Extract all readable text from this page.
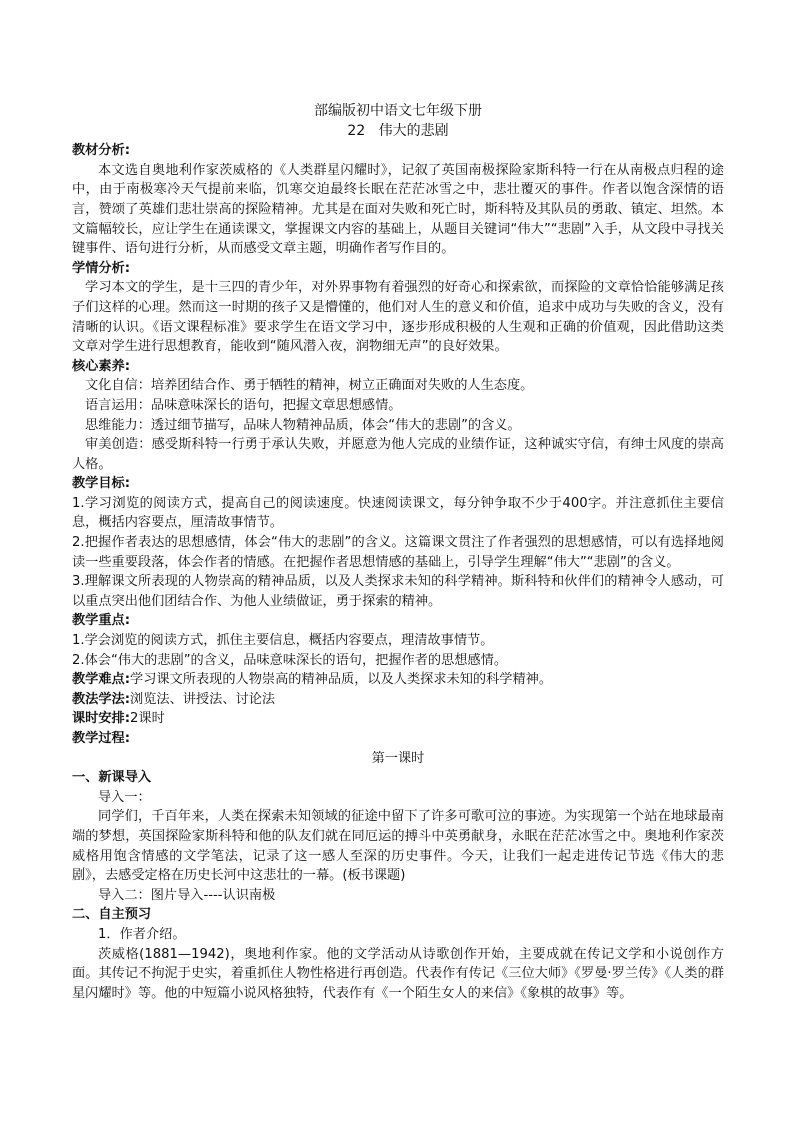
部编版初中语文七年级下册

22 伟大的悲剧

教材分析:

本文选自奥地利作家茨威格的《人类群星闪耀时》，记叙了英国南极探险家斯科特一行在从南极点归程的途中，由于南极寒冷天气提前来临，饥寒交迫最终长眠在茫茫冰雪之中，悲壮覆灭的事件。作者以饱含深情的语言，赞颂了英雄们悲壮崇高的探险精神。尤其是在面对失败和死亡时，斯科特及其队员的勇敢、镇定、坦然。本文篇幅较长，应让学生在通读课文，掌握课文内容的基础上，从题目关键词“伟大”“悲剧”入手，从文段中寻找关键事件、语句进行分析，从而感受文章主题，明确作者写作目的。

学情分析:

学习本文的学生，是十三四的青少年，对外界事物有着强烈的好奇心和探索欲，而探险的文章恰恰能够满足孩子们这样的心理。然而这一时期的孩子又是懵懂的，他们对人生的意义和价值，追求中成功与失败的含义，没有清晰的认识。《语文课程标准》要求学生在语文学习中，逐步形成积极的人生观和正确的价值观，因此借助这类文章对学生进行思想教育，能收到“随风潜入夜，润物细无声”的良好效果。

核心素养:

文化自信：培养团结合作、勇于牺牲的精神，树立正确面对失败的人生态度。

语言运用：品味意味深长的语句，把握文章思想感情。

思维能力：透过细节描写，品味人物精神品质，体会“伟大的悲剧”的含义。

审美创造：感受斯科特一行勇于承认失败，并愿意为他人完成的业绩作证，这种诚实守信，有绅士风度的崇高人格。

教学目标:

1.学习浏览的阅读方式，提高自己的阅读速度。快速阅读课文，每分钟争取不少于400字。并注意抓住主要信息，概括内容要点，厘清故事情节。

2.把握作者表达的思想感情，体会“伟大的悲剧”的含义。这篇课文贯注了作者强烈的思想感情，可以有选择地阅读一些重要段落，体会作者的情感。在把握作者思想情感的基础上，引导学生理解“伟大”“悲剧”的含义。

3.理解课文所表现的人物崇高的精神品质，以及人类探求未知的科学精神。斯科特和伙伴们的精神令人感动，可以重点突出他们团结合作、为他人业绩做证，勇于探索的精神。

教学重点:

1.学会浏览的阅读方式，抓住主要信息，概括内容要点，理清故事情节。

2.体会“伟大的悲剧”的含义，品味意味深长的语句，把握作者的思想感情。

教学难点:学习课文所表现的人物崇高的精神品质，以及人类探求未知的科学精神。

教法学法:浏览法、讲授法、讨论法

课时安排:2课时

教学过程:

第一课时

一、新课导入

导入一：

同学们，千百年来，人类在探索未知领域的征途中留下了许多可歌可泣的事迹。为实现第一个站在地球最南端的梦想，英国探险家斯科特和他的队友们就在同厄运的搏斗中英勇献身，永眠在茫茫冰雪之中。奥地利作家茨威格用饱含情感的文学笔法，记录了这一感人至深的历史事件。今天，让我们一起走进传记节选《伟大的悲剧》，去感受定格在历史长河中这悲壮的一幕。(板书课题)

导入二：图片导入----认识南极

二、自主预习

1．作者介绍。

茨威格(1881—1942)，奥地利作家。他的文学活动从诗歌创作开始，主要成就在传记文学和小说创作方面。其传记不拘泥于史实，着重抓住人物性格进行再创造。代表作有传记《三位大师》《罗曼·罗兰传》《人类的群星闪耀时》等。他的中短篇小说风格独特，代表作有《一个陌生女人的来信》《象棋的故事》等。
